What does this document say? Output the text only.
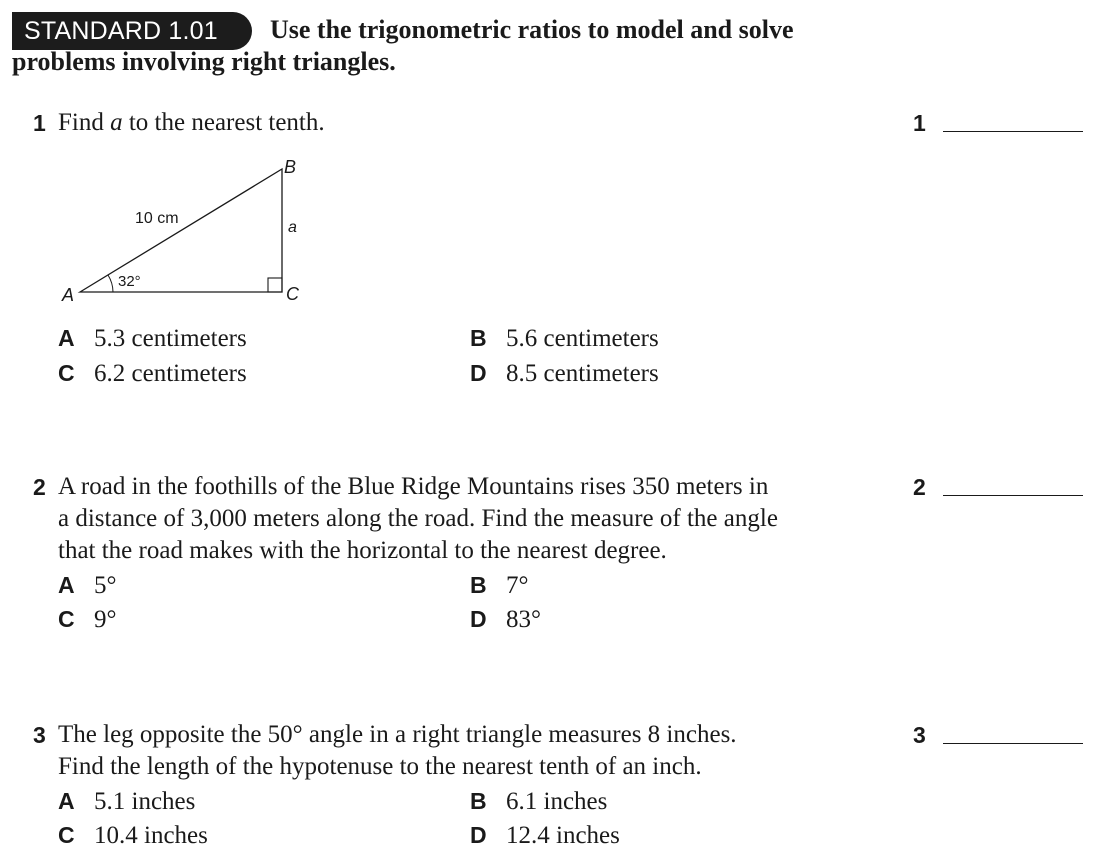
STANDARD 1.01	Use the trigonometric ratios to model and solve
problems involving right triangles.
1 Find a to the nearest tenth.	1
A
B
C
10 cm
a
32°
A 5.3 centimeters	B 5.6 centimeters
C 6.2 centimeters	D 8.5 centimeters
2 A road in the foothills of the Blue Ridge Mountains rises 350 meters in
a distance of 3,000 meters along the road. Find the measure of the angle
that the road makes with the horizontal to the nearest degree.
2
A 5°	B 7°
C 9°	D 83°
3 The leg opposite the 50° angle in a right triangle measures 8 inches.
Find the length of the hypotenuse to the nearest tenth of an inch.
3
A 5.1 inches	B 6.1 inches
C 10.4 inches	D 12.4 inches
